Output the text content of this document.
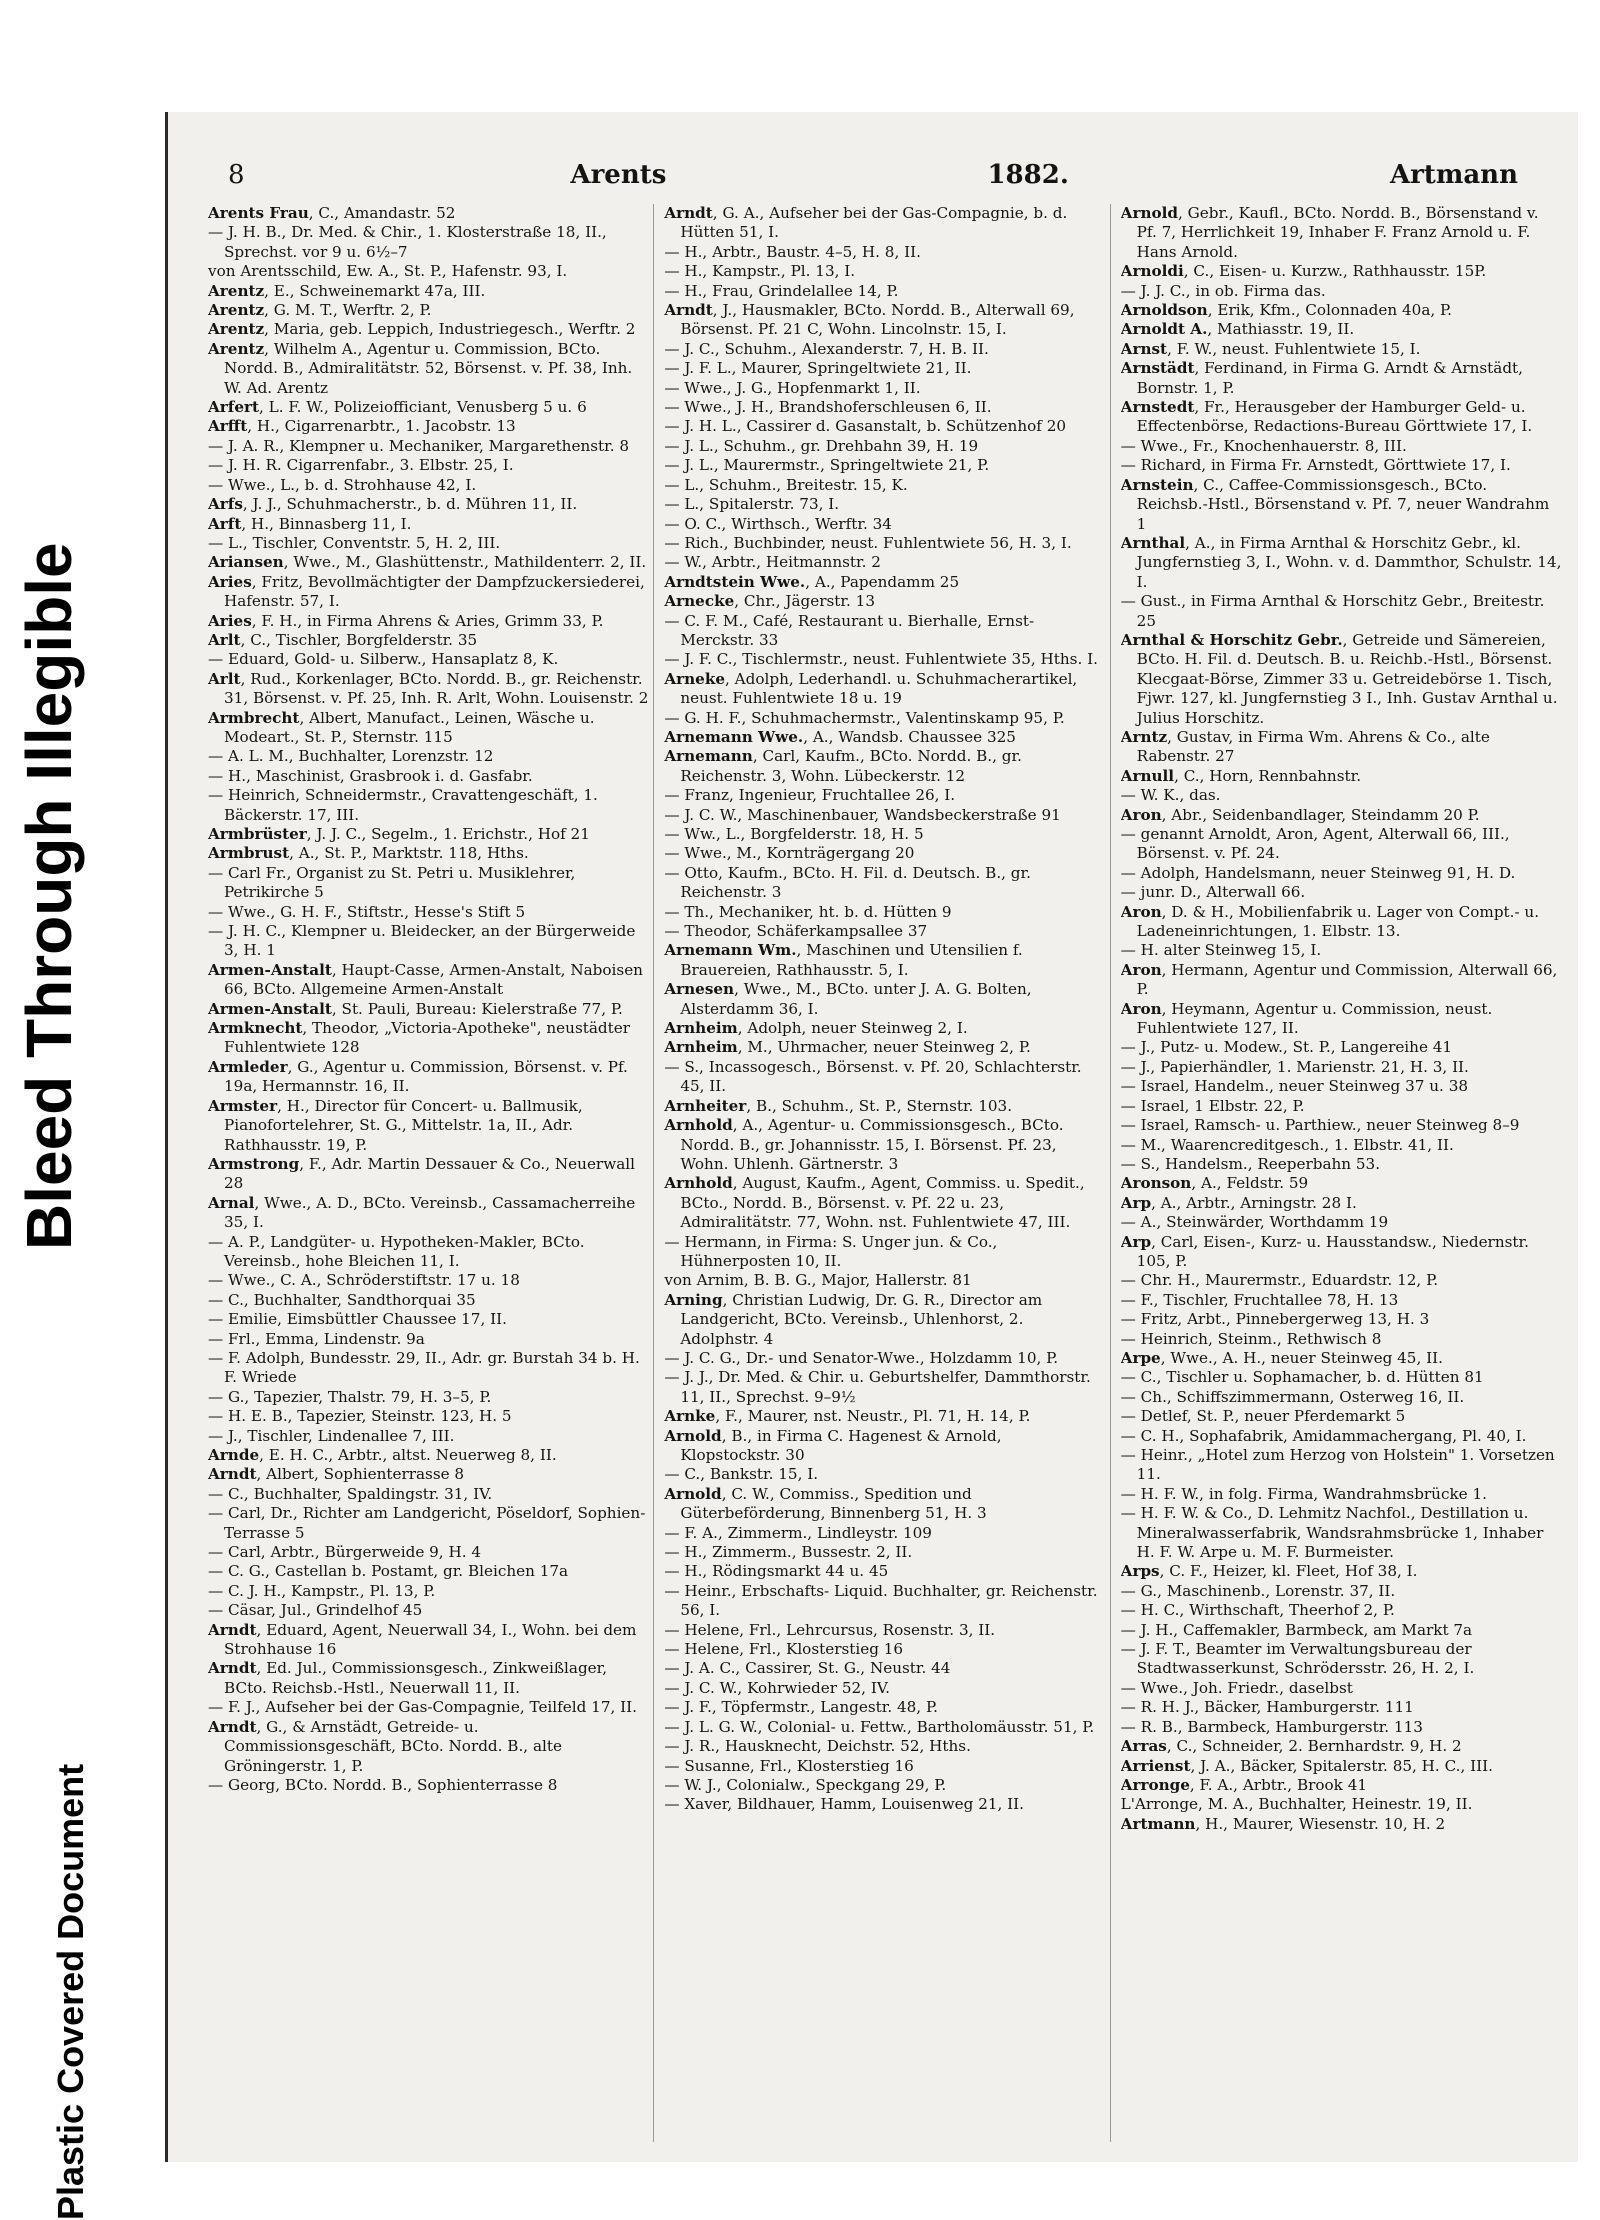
Bleed Through Illegible
Plastic Covered Document
8	Arents	1882.	Artmann

Arents Frau, C., Amandastr. 52

— J. H. B., Dr. Med. & Chir., 1. Klosterstraße 18, II., Sprechst. vor 9 u. 6½–7

von Arentsschild, Ew. A., St. P., Hafenstr. 93, I.

Arentz, E., Schweinemarkt 47a, III.

Arentz, G. M. T., Werftr. 2, P.

Arentz, Maria, geb. Leppich, Industriegesch., Werftr. 2

Arentz, Wilhelm A., Agentur u. Commission, BCto. Nordd. B., Admiralitätstr. 52, Börsenst. v. Pf. 38, Inh. W. Ad. Arentz

Arfert, L. F. W., Polizeiofficiant, Venusberg 5 u. 6

Arfft, H., Cigarrenarbtr., 1. Jacobstr. 13

— J. A. R., Klempner u. Mechaniker, Margarethenstr. 8

— J. H. R. Cigarrenfabr., 3. Elbstr. 25, I.

— Wwe., L., b. d. Strohhause 42, I.

Arfs, J. J., Schuhmacherstr., b. d. Mühren 11, II.

Arft, H., Binnasberg 11, I.

— L., Tischler, Conventstr. 5, H. 2, III.

Ariansen, Wwe., M., Glashüttenstr., Mathildenterr. 2, II.

Aries, Fritz, Bevollmächtigter der Dampfzuckersiederei, Hafenstr. 57, I.

Aries, F. H., in Firma Ahrens & Aries, Grimm 33, P.

Arlt, C., Tischler, Borgfelderstr. 35

— Eduard, Gold- u. Silberw., Hansaplatz 8, K.

Arlt, Rud., Korkenlager, BCto. Nordd. B., gr. Reichenstr. 31, Börsenst. v. Pf. 25, Inh. R. Arlt, Wohn. Louisenstr. 2

Armbrecht, Albert, Manufact., Leinen, Wäsche u. Modeart., St. P., Sternstr. 115

— A. L. M., Buchhalter, Lorenzstr. 12

— H., Maschinist, Grasbrook i. d. Gasfabr.

— Heinrich, Schneidermstr., Cravattengeschäft, 1. Bäckerstr. 17, III.

Armbrüster, J. J. C., Segelm., 1. Erichstr., Hof 21

Armbrust, A., St. P., Marktstr. 118, Hths.

— Carl Fr., Organist zu St. Petri u. Musiklehrer, Petrikirche 5

— Wwe., G. H. F., Stiftstr., Hesse's Stift 5

— J. H. C., Klempner u. Bleidecker, an der Bürgerweide 3, H. 1

Armen-Anstalt, Haupt-Casse, Armen-Anstalt, Naboisen 66, BCto. Allgemeine Armen-Anstalt

Armen-Anstalt, St. Pauli, Bureau: Kielerstraße 77, P.

Armknecht, Theodor, „Victoria-Apotheke", neustädter Fuhlentwiete 128

Armleder, G., Agentur u. Commission, Börsenst. v. Pf. 19a, Hermannstr. 16, II.

Armster, H., Director für Concert- u. Ballmusik, Pianofortelehrer, St. G., Mittelstr. 1a, II., Adr. Rathhausstr. 19, P.

Armstrong, F., Adr. Martin Dessauer & Co., Neuerwall 28

Arnal, Wwe., A. D., BCto. Vereinsb., Cassamacherreihe 35, I.

— A. P., Landgüter- u. Hypotheken-Makler, BCto. Vereinsb., hohe Bleichen 11, I.

— Wwe., C. A., Schröderstiftstr. 17 u. 18

— C., Buchhalter, Sandthorquai 35

— Emilie, Eimsbüttler Chaussee 17, II.

— Frl., Emma, Lindenstr. 9a

— F. Adolph, Bundesstr. 29, II., Adr. gr. Burstah 34 b. H. F. Wriede

— G., Tapezier, Thalstr. 79, H. 3–5, P.

— H. E. B., Tapezier, Steinstr. 123, H. 5

— J., Tischler, Lindenallee 7, III.

Arnde, E. H. C., Arbtr., altst. Neuerweg 8, II.

Arndt, Albert, Sophienterrasse 8

— C., Buchhalter, Spaldingstr. 31, IV.

— Carl, Dr., Richter am Landgericht, Pöseldorf, Sophien-Terrasse 5

— Carl, Arbtr., Bürgerweide 9, H. 4

— C. G., Castellan b. Postamt, gr. Bleichen 17a

— C. J. H., Kampstr., Pl. 13, P.

— Cäsar, Jul., Grindelhof 45

Arndt, Eduard, Agent, Neuerwall 34, I., Wohn. bei dem Strohhause 16

Arndt, Ed. Jul., Commissionsgesch., Zinkweißlager, BCto. Reichsb.-Hstl., Neuerwall 11, II.

— F. J., Aufseher bei der Gas-Compagnie, Teilfeld 17, II.

Arndt, G., & Arnstädt, Getreide- u. Commissionsgeschäft, BCto. Nordd. B., alte Gröningerstr. 1, P.

— Georg, BCto. Nordd. B., Sophienterrasse 8

Arndt, G. A., Aufseher bei der Gas-Compagnie, b. d. Hütten 51, I.

— H., Arbtr., Baustr. 4–5, H. 8, II.

— H., Kampstr., Pl. 13, I.

— H., Frau, Grindelallee 14, P.

Arndt, J., Hausmakler, BCto. Nordd. B., Alterwall 69, Börsenst. Pf. 21 C, Wohn. Lincolnstr. 15, I.

— J. C., Schuhm., Alexanderstr. 7, H. B. II.

— J. F. L., Maurer, Springeltwiete 21, II.

— Wwe., J. G., Hopfenmarkt 1, II.

— Wwe., J. H., Brandshoferschleusen 6, II.

— J. H. L., Cassirer d. Gasanstalt, b. Schützenhof 20

— J. L., Schuhm., gr. Drehbahn 39, H. 19

— J. L., Maurermstr., Springeltwiete 21, P.

— L., Schuhm., Breitestr. 15, K.

— L., Spitalerstr. 73, I.

— O. C., Wirthsch., Werftr. 34

— Rich., Buchbinder, neust. Fuhlentwiete 56, H. 3, I.

— W., Arbtr., Heitmannstr. 2

Arndtstein Wwe., A., Papendamm 25

Arnecke, Chr., Jägerstr. 13

— C. F. M., Café, Restaurant u. Bierhalle, Ernst-Merckstr. 33

— J. F. C., Tischlermstr., neust. Fuhlentwiete 35, Hths. I.

Arneke, Adolph, Lederhandl. u. Schuhmacherartikel, neust. Fuhlentwiete 18 u. 19

— G. H. F., Schuhmachermstr., Valentinskamp 95, P.

Arnemann Wwe., A., Wandsb. Chaussee 325

Arnemann, Carl, Kaufm., BCto. Nordd. B., gr. Reichenstr. 3, Wohn. Lübeckerstr. 12

— Franz, Ingenieur, Fruchtallee 26, I.

— J. C. W., Maschinenbauer, Wandsbeckerstraße 91

— Ww., L., Borgfelderstr. 18, H. 5

— Wwe., M., Kornträgergang 20

— Otto, Kaufm., BCto. H. Fil. d. Deutsch. B., gr. Reichenstr. 3

— Th., Mechaniker, ht. b. d. Hütten 9

— Theodor, Schäferkampsallee 37

Arnemann Wm., Maschinen und Utensilien f. Brauereien, Rathhausstr. 5, I.

Arnesen, Wwe., M., BCto. unter J. A. G. Bolten, Alsterdamm 36, I.

Arnheim, Adolph, neuer Steinweg 2, I.

Arnheim, M., Uhrmacher, neuer Steinweg 2, P.

— S., Incassogesch., Börsenst. v. Pf. 20, Schlachterstr. 45, II.

Arnheiter, B., Schuhm., St. P., Sternstr. 103.

Arnhold, A., Agentur- u. Commissionsgesch., BCto. Nordd. B., gr. Johannisstr. 15, I. Börsenst. Pf. 23, Wohn. Uhlenh. Gärtnerstr. 3

Arnhold, August, Kaufm., Agent, Commiss. u. Spedit., BCto., Nordd. B., Börsenst. v. Pf. 22 u. 23, Admiralitätstr. 77, Wohn. nst. Fuhlentwiete 47, III.

— Hermann, in Firma: S. Unger jun. & Co., Hühnerposten 10, II.

von Arnim, B. B. G., Major, Hallerstr. 81

Arning, Christian Ludwig, Dr. G. R., Director am Landgericht, BCto. Vereinsb., Uhlenhorst, 2. Adolphstr. 4

— J. C. G., Dr.- und Senator-Wwe., Holzdamm 10, P.

— J. J., Dr. Med. & Chir. u. Geburtshelfer, Dammthorstr. 11, II., Sprechst. 9–9½

Arnke, F., Maurer, nst. Neustr., Pl. 71, H. 14, P.

Arnold, B., in Firma C. Hagenest & Arnold, Klopstockstr. 30

— C., Bankstr. 15, I.

Arnold, C. W., Commiss., Spedition und Güterbeförderung, Binnenberg 51, H. 3

— F. A., Zimmerm., Lindleystr. 109

— H., Zimmerm., Bussestr. 2, II.

— H., Rödingsmarkt 44 u. 45

— Heinr., Erbschafts- Liquid. Buchhalter, gr. Reichenstr. 56, I.

— Helene, Frl., Lehrcursus, Rosenstr. 3, II.

— Helene, Frl., Klosterstieg 16

— J. A. C., Cassirer, St. G., Neustr. 44

— J. C. W., Kohrwieder 52, IV.

— J. F., Töpfermstr., Langestr. 48, P.

— J. L. G. W., Colonial- u. Fettw., Bartholomäusstr. 51, P.

— J. R., Hausknecht, Deichstr. 52, Hths.

— Susanne, Frl., Klosterstieg 16

— W. J., Colonialw., Speckgang 29, P.

— Xaver, Bildhauer, Hamm, Louisenweg 21, II.

Arnold, Gebr., Kaufl., BCto. Nordd. B., Börsenstand v. Pf. 7, Herrlichkeit 19, Inhaber F. Franz Arnold u. F. Hans Arnold.

Arnoldi, C., Eisen- u. Kurzw., Rathhausstr. 15P.

— J. J. C., in ob. Firma das.

Arnoldson, Erik, Kfm., Colonnaden 40a, P.

Arnoldt A., Mathiasstr. 19, II.

Arnst, F. W., neust. Fuhlentwiete 15, I.

Arnstädt, Ferdinand, in Firma G. Arndt & Arnstädt, Bornstr. 1, P.

Arnstedt, Fr., Herausgeber der Hamburger Geld- u. Effectenbörse, Redactions-Bureau Görttwiete 17, I.

— Wwe., Fr., Knochenhauerstr. 8, III.

— Richard, in Firma Fr. Arnstedt, Görttwiete 17, I.

Arnstein, C., Caffee-Commissionsgesch., BCto. Reichsb.-Hstl., Börsenstand v. Pf. 7, neuer Wandrahm 1

Arnthal, A., in Firma Arnthal & Horschitz Gebr., kl. Jungfernstieg 3, I., Wohn. v. d. Dammthor, Schulstr. 14, I.

— Gust., in Firma Arnthal & Horschitz Gebr., Breitestr. 25

Arnthal & Horschitz Gebr., Getreide und Sämereien, BCto. H. Fil. d. Deutsch. B. u. Reichb.-Hstl., Börsenst. Klecgaat-Börse, Zimmer 33 u. Getreidebörse 1. Tisch, Fjwr. 127, kl. Jungfernstieg 3 I., Inh. Gustav Arnthal u. Julius Horschitz.

Arntz, Gustav, in Firma Wm. Ahrens & Co., alte Rabenstr. 27

Arnull, C., Horn, Rennbahnstr.

— W. K., das.

Aron, Abr., Seidenbandlager, Steindamm 20 P.

— genannt Arnoldt, Aron, Agent, Alterwall 66, III., Börsenst. v. Pf. 24.

— Adolph, Handelsmann, neuer Steinweg 91, H. D.

— junr. D., Alterwall 66.

Aron, D. & H., Mobilienfabrik u. Lager von Compt.- u. Ladeneinrichtungen, 1. Elbstr. 13.

— H. alter Steinweg 15, I.

Aron, Hermann, Agentur und Commission, Alterwall 66, P.

Aron, Heymann, Agentur u. Commission, neust. Fuhlentwiete 127, II.

— J., Putz- u. Modew., St. P., Langereihe 41

— J., Papierhändler, 1. Marienstr. 21, H. 3, II.

— Israel, Handelm., neuer Steinweg 37 u. 38

— Israel, 1 Elbstr. 22, P.

— Israel, Ramsch- u. Parthiew., neuer Steinweg 8–9

— M., Waarencreditgesch., 1. Elbstr. 41, II.

— S., Handelsm., Reeperbahn 53.

Aronson, A., Feldstr. 59

Arp, A., Arbtr., Arningstr. 28 I.

— A., Steinwärder, Worthdamm 19

Arp, Carl, Eisen-, Kurz- u. Hausstandsw., Niedernstr. 105, P.

— Chr. H., Maurermstr., Eduardstr. 12, P.

— F., Tischler, Fruchtallee 78, H. 13

— Fritz, Arbt., Pinnebergerweg 13, H. 3

— Heinrich, Steinm., Rethwisch 8

Arpe, Wwe., A. H., neuer Steinweg 45, II.

— C., Tischler u. Sophamacher, b. d. Hütten 81

— Ch., Schiffszimmermann, Osterweg 16, II.

— Detlef, St. P., neuer Pferdemarkt 5

— C. H., Sophafabrik, Amidammachergang, Pl. 40, I.

— Heinr., „Hotel zum Herzog von Holstein" 1. Vorsetzen 11.

— H. F. W., in folg. Firma, Wandrahmsbrücke 1.

— H. F. W. & Co., D. Lehmitz Nachfol., Destillation u. Mineralwasserfabrik, Wandsrahmsbrücke 1, Inhaber H. F. W. Arpe u. M. F. Burmeister.

Arps, C. F., Heizer, kl. Fleet, Hof 38, I.

— G., Maschinenb., Lorenstr. 37, II.

— H. C., Wirthschaft, Theerhof 2, P.

— J. H., Caffemakler, Barmbeck, am Markt 7a

— J. F. T., Beamter im Verwaltungsbureau der Stadtwasserkunst, Schrödersstr. 26, H. 2, I.

— Wwe., Joh. Friedr., daselbst

— R. H. J., Bäcker, Hamburgerstr. 111

— R. B., Barmbeck, Hamburgerstr. 113

Arras, C., Schneider, 2. Bernhardstr. 9, H. 2

Arrienst, J. A., Bäcker, Spitalerstr. 85, H. C., III.

Arronge, F. A., Arbtr., Brook 41

L'Arronge, M. A., Buchhalter, Heinestr. 19, II.

Artmann, H., Maurer, Wiesenstr. 10, H. 2
